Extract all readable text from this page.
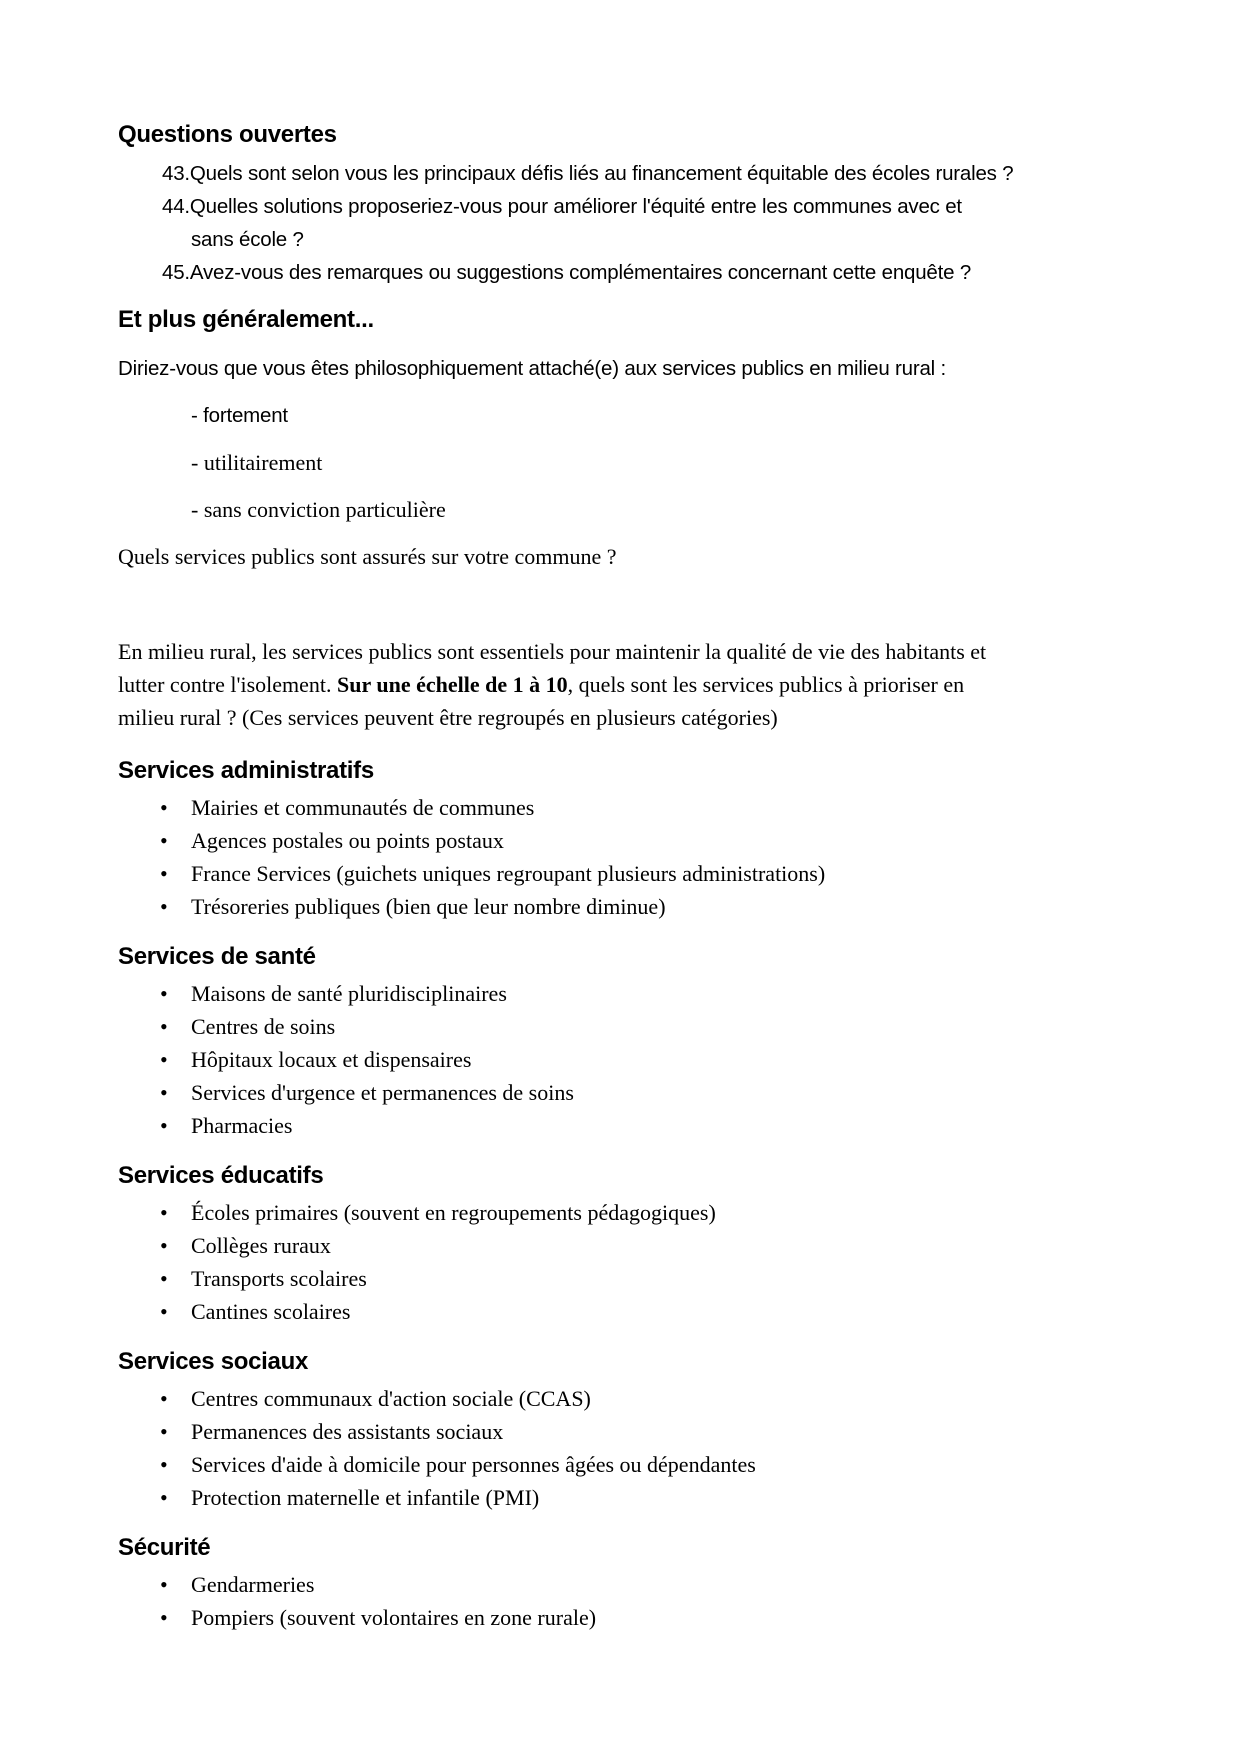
Questions ouvertes
43.Quels sont selon vous les principaux défis liés au financement équitable des écoles rurales ?
44.Quelles solutions proposeriez-vous pour améliorer l'équité entre les communes avec et
sans école ?
45.Avez-vous des remarques ou suggestions complémentaires concernant cette enquête ?
Et plus généralement...
Diriez-vous que vous êtes philosophiquement attaché(e) aux services publics en milieu rural :
- fortement
- utilitairement
- sans conviction particulière
Quels services publics sont assurés sur votre commune ?
En milieu rural, les services publics sont essentiels pour maintenir la qualité de vie des habitants et
lutter contre l'isolement. Sur une échelle de 1 à 10, quels sont les services publics à prioriser en
milieu rural ? (Ces services peuvent être regroupés en plusieurs catégories)
Services administratifs
• Mairies et communautés de communes
• Agences postales ou points postaux
• France Services (guichets uniques regroupant plusieurs administrations)
• Trésoreries publiques (bien que leur nombre diminue)
Services de santé
• Maisons de santé pluridisciplinaires
• Centres de soins
• Hôpitaux locaux et dispensaires
• Services d'urgence et permanences de soins
• Pharmacies
Services éducatifs
• Écoles primaires (souvent en regroupements pédagogiques)
• Collèges ruraux
• Transports scolaires
• Cantines scolaires
Services sociaux
• Centres communaux d'action sociale (CCAS)
• Permanences des assistants sociaux
• Services d'aide à domicile pour personnes âgées ou dépendantes
• Protection maternelle et infantile (PMI)
Sécurité
• Gendarmeries
• Pompiers (souvent volontaires en zone rurale)
